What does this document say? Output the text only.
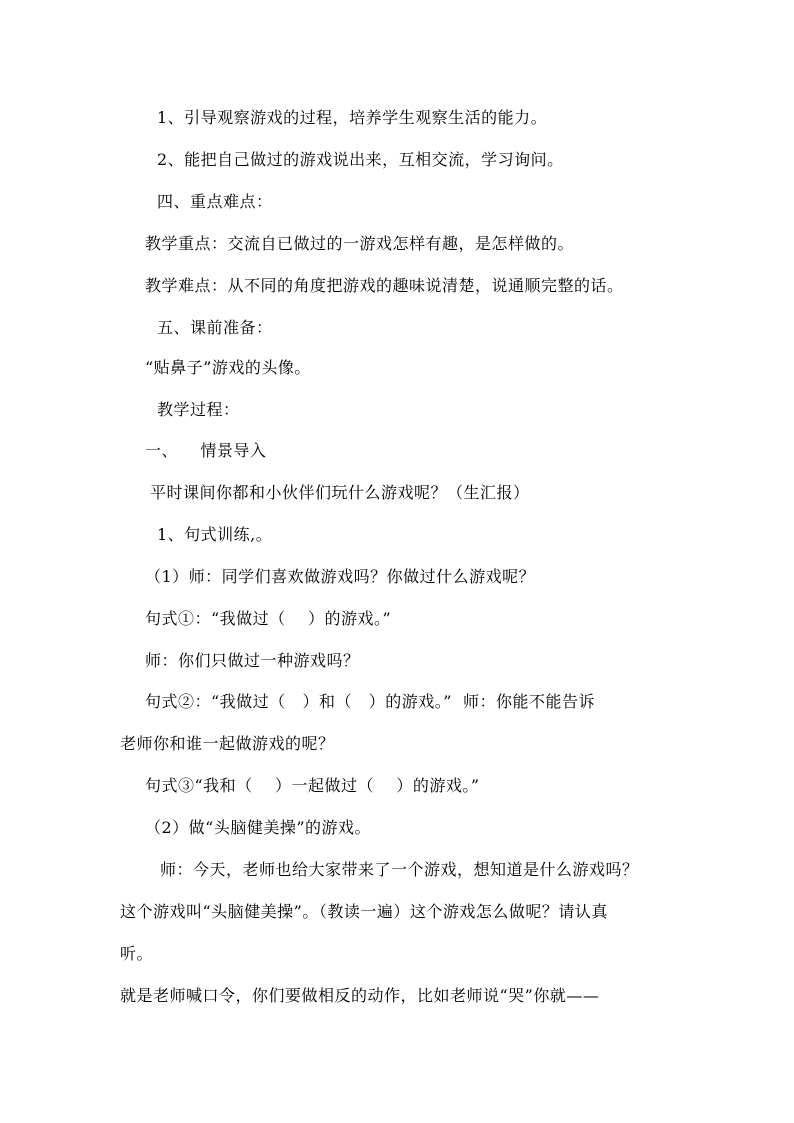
1、引导观察游戏的过程，培养学生观察生活的能力。
2、能把自己做过的游戏说出来，互相交流，学习询问。
四、重点难点：
教学重点：交流自已做过的一游戏怎样有趣，是怎样做的。
教学难点：从不同的角度把游戏的趣味说清楚，说通顺完整的话。
五、课前准备：
“贴鼻子”游戏的头像。
教学过程：
一、    情景导入
平时课间你都和小伙伴们玩什么游戏呢？（生汇报）
1、句式训练,。
（1）师：同学们喜欢做游戏吗？你做过什么游戏呢？
句式①：“我做过（    ）的游戏。”
师：你们只做过一种游戏吗？
句式②：“我做过（   ）和（   ）的游戏。”  师：你能不能告诉
老师你和谁一起做游戏的呢？
句式③“我和（    ）一起做过（    ）的游戏。”
（2）做“头脑健美操”的游戏。
师：今天，老师也给大家带来了一个游戏，想知道是什么游戏吗？
这个游戏叫“头脑健美操”。（教读一遍）这个游戏怎么做呢？请认真
听。
就是老师喊口令，你们要做相反的动作，比如老师说“哭”你就——
